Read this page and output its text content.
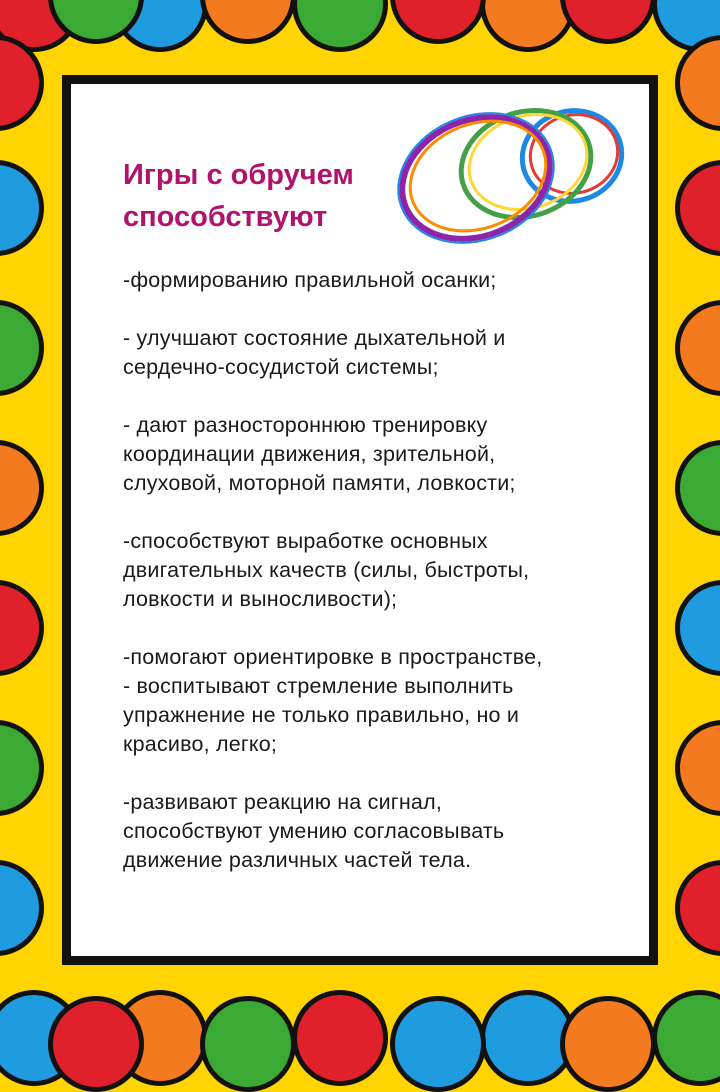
Игры с обручем
способствуют
-формированию правильной осанки;
- улучшают состояние дыхательной и
сердечно-сосудистой системы;
- дают разностороннюю тренировку
координации движения, зрительной,
слуховой, моторной памяти, ловкости;
-способствуют выработке основных
двигательных качеств (силы, быстроты,
ловкости и выносливости);
-помогают ориентировке в пространстве,
- воспитывают стремление выполнить
упражнение не только правильно, но и
красиво, легко;
-развивают реакцию на сигнал,
способствуют умению согласовывать
движение различных частей тела.
